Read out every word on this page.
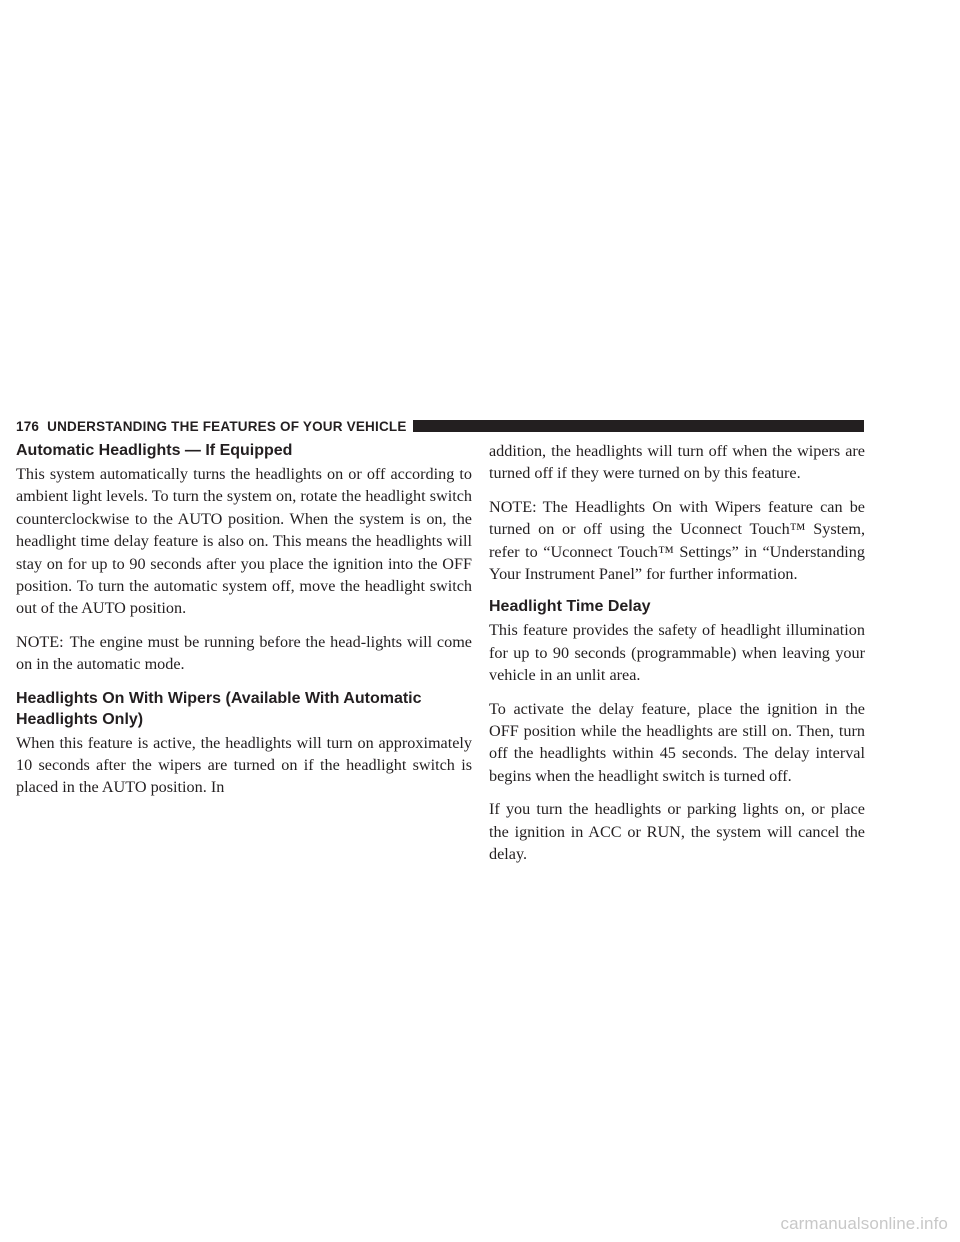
176 UNDERSTANDING THE FEATURES OF YOUR VEHICLE
Automatic Headlights — If Equipped

This system automatically turns the headlights on or off according to ambient light levels. To turn the system on, rotate the headlight switch counterclockwise to the AUTO position. When the system is on, the headlight time delay feature is also on. This means the headlights will stay on for up to 90 seconds after you place the ignition into the OFF position. To turn the automatic system off, move the headlight switch out of the AUTO position.

NOTE: The engine must be running before the head-lights will come on in the automatic mode.

Headlights On With Wipers (Available With Automatic Headlights Only)

When this feature is active, the headlights will turn on approximately 10 seconds after the wipers are turned on if the headlight switch is placed in the AUTO position. In

addition, the headlights will turn off when the wipers are turned off if they were turned on by this feature.

NOTE: The Headlights On with Wipers feature can be turned on or off using the Uconnect Touch™ System, refer to “Uconnect Touch™ Settings” in “Understanding Your Instrument Panel” for further information.

Headlight Time Delay

This feature provides the safety of headlight illumination for up to 90 seconds (programmable) when leaving your vehicle in an unlit area.

To activate the delay feature, place the ignition in the OFF position while the headlights are still on. Then, turn off the headlights within 45 seconds. The delay interval begins when the headlight switch is turned off.

If you turn the headlights or parking lights on, or place the ignition in ACC or RUN, the system will cancel the delay.

carmanualsonline.info
